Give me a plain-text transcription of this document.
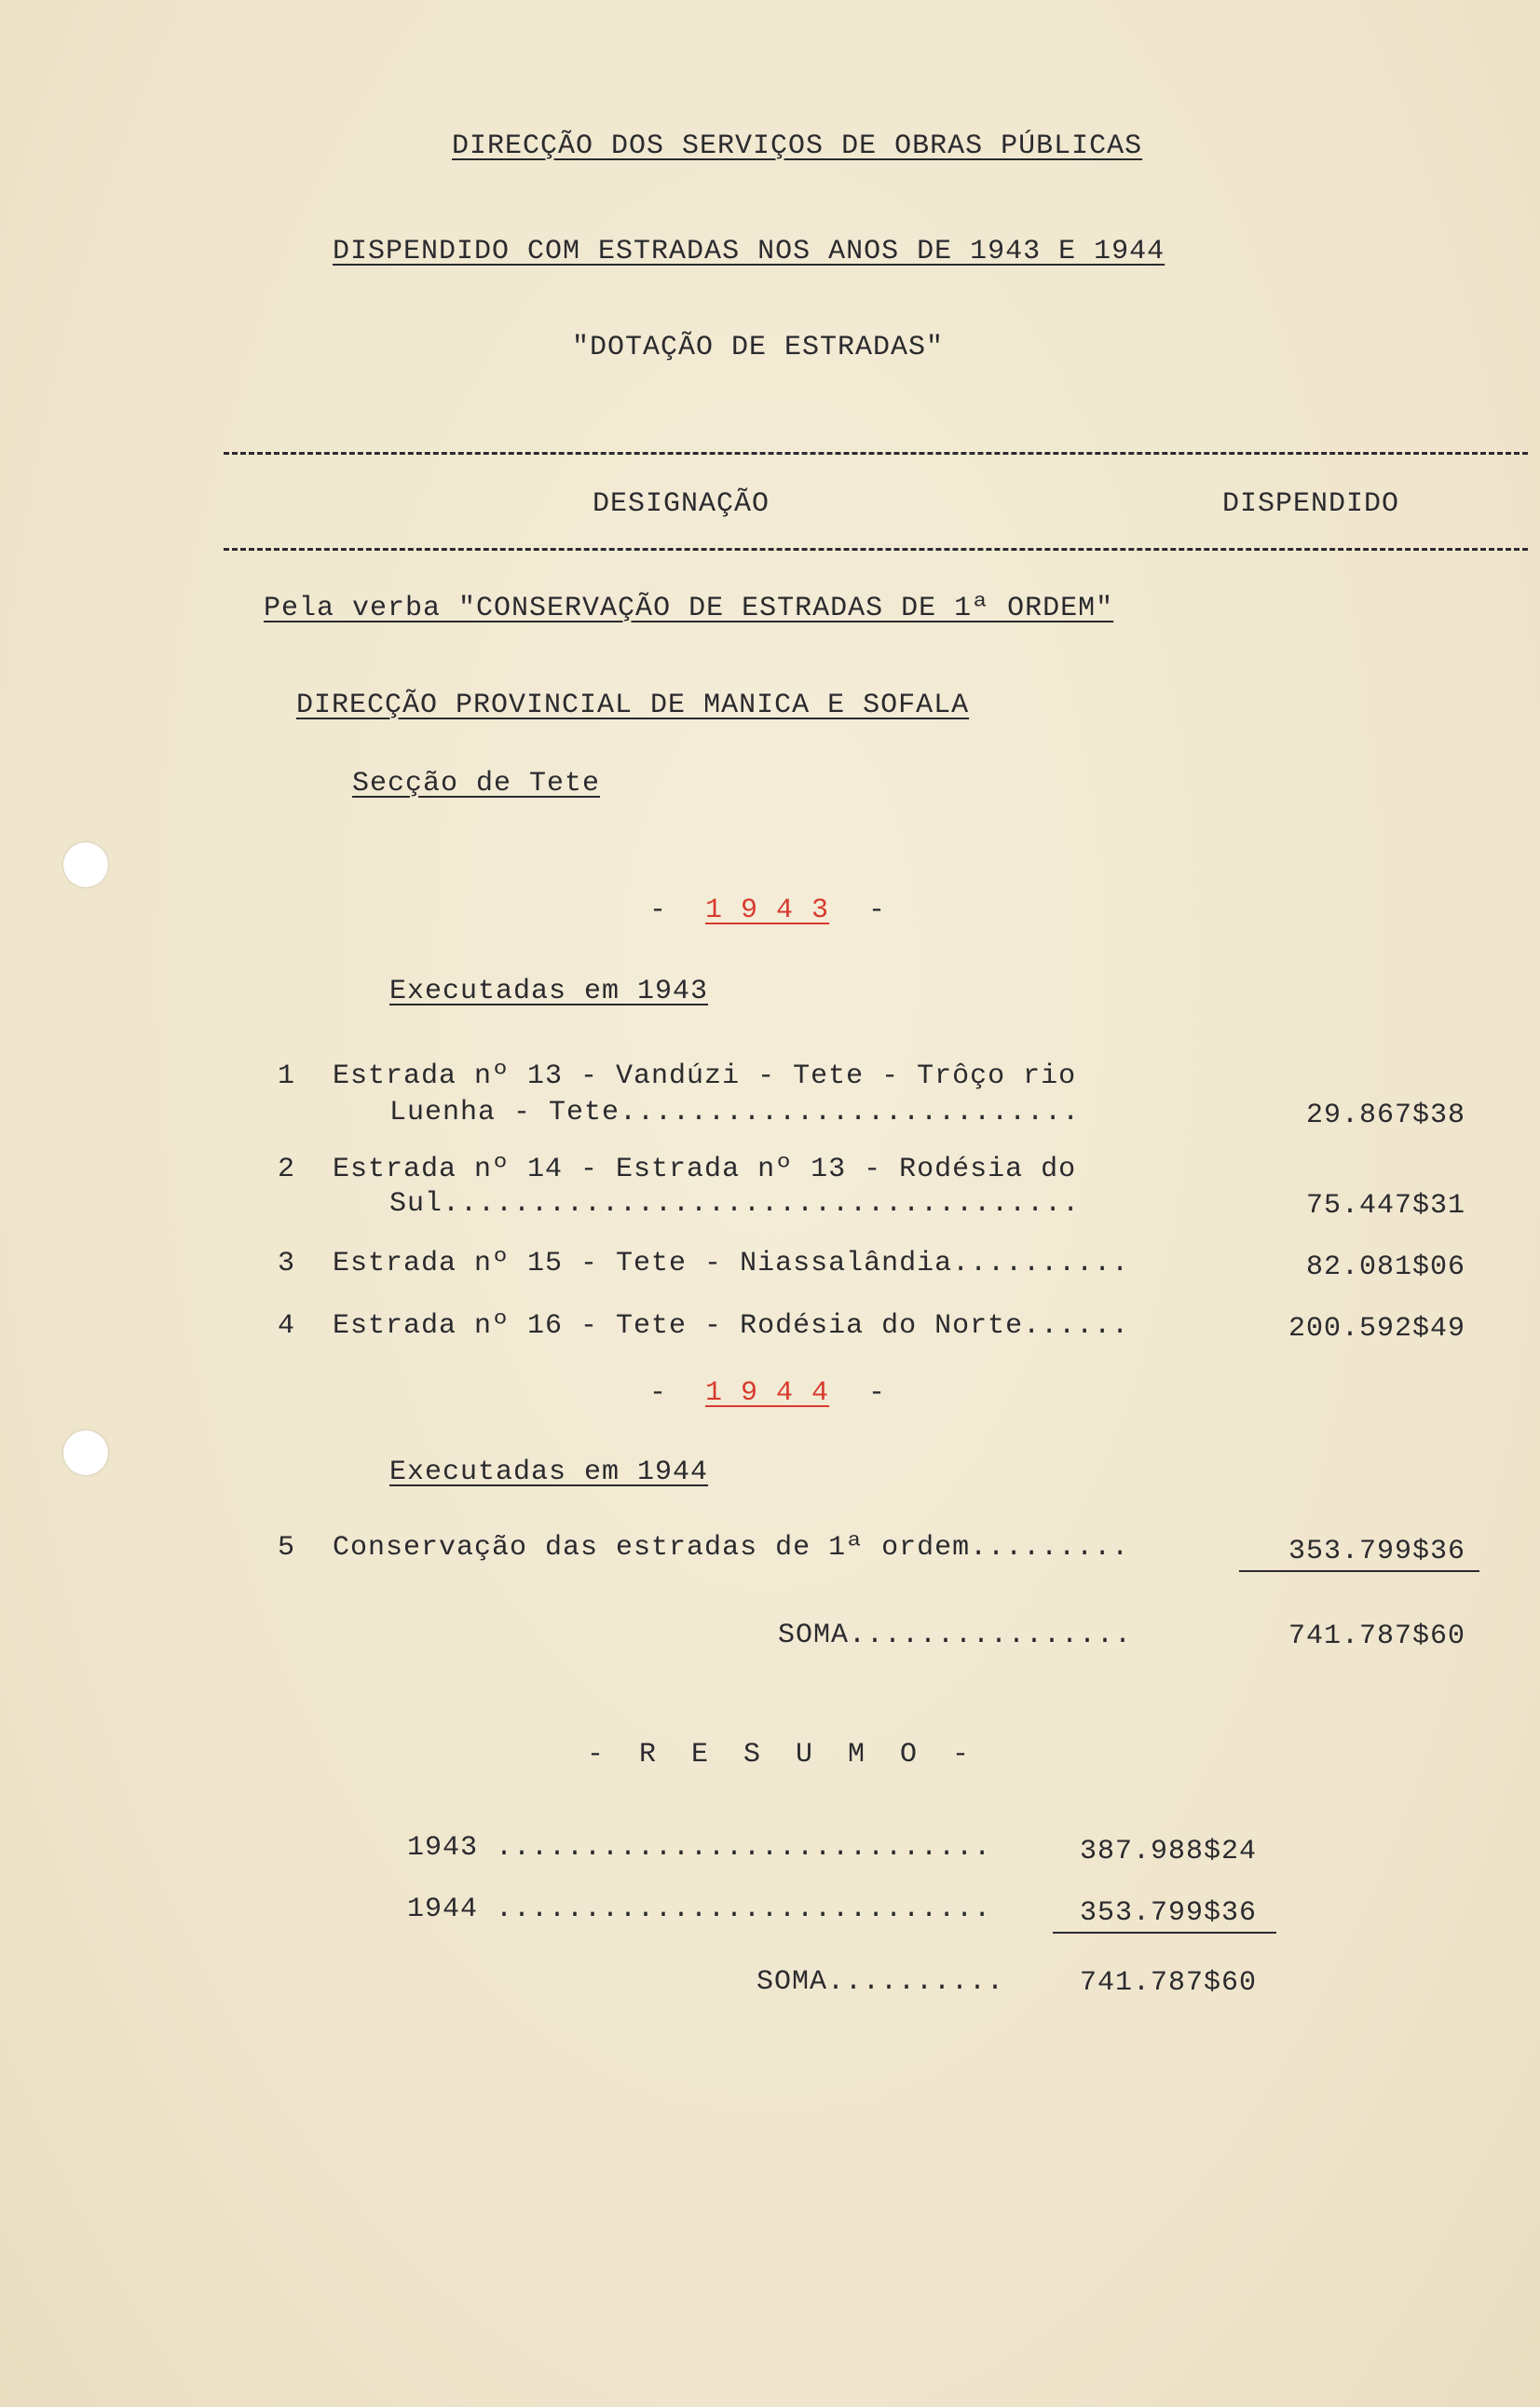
DIRECÇÃO DOS SERVIÇOS DE OBRAS PÚBLICAS
DISPENDIDO COM ESTRADAS NOS ANOS DE 1943 E 1944
"DOTAÇÃO DE ESTRADAS"
DESIGNAÇÃO	DISPENDIDO
Pela verba "CONSERVAÇÃO DE ESTRADAS DE 1ª ORDEM"
DIRECÇÃO PROVINCIAL DE MANICA E SOFALA
Secção de Tete
- 1 9 4 3 -
Executadas em 1943
1 Estrada nº 13 - Vandúzi - Tete - Trôço rio
Luenha - Tete..........................	29.867$38
2 Estrada nº 14 - Estrada nº 13 - Rodésia do
Sul....................................	75.447$31
3 Estrada nº 15 - Tete - Niassalândia..........	82.081$06
4 Estrada nº 16 - Tete - Rodésia do Norte......	200.592$49
- 1 9 4 4 -
Executadas em 1944
5 Conservação das estradas de 1ª ordem.........	353.799$36
SOMA................	741.787$60
- R E S U M O -
1943 ............................	387.988$24
1944 ............................	353.799$36
SOMA..........	741.787$60
